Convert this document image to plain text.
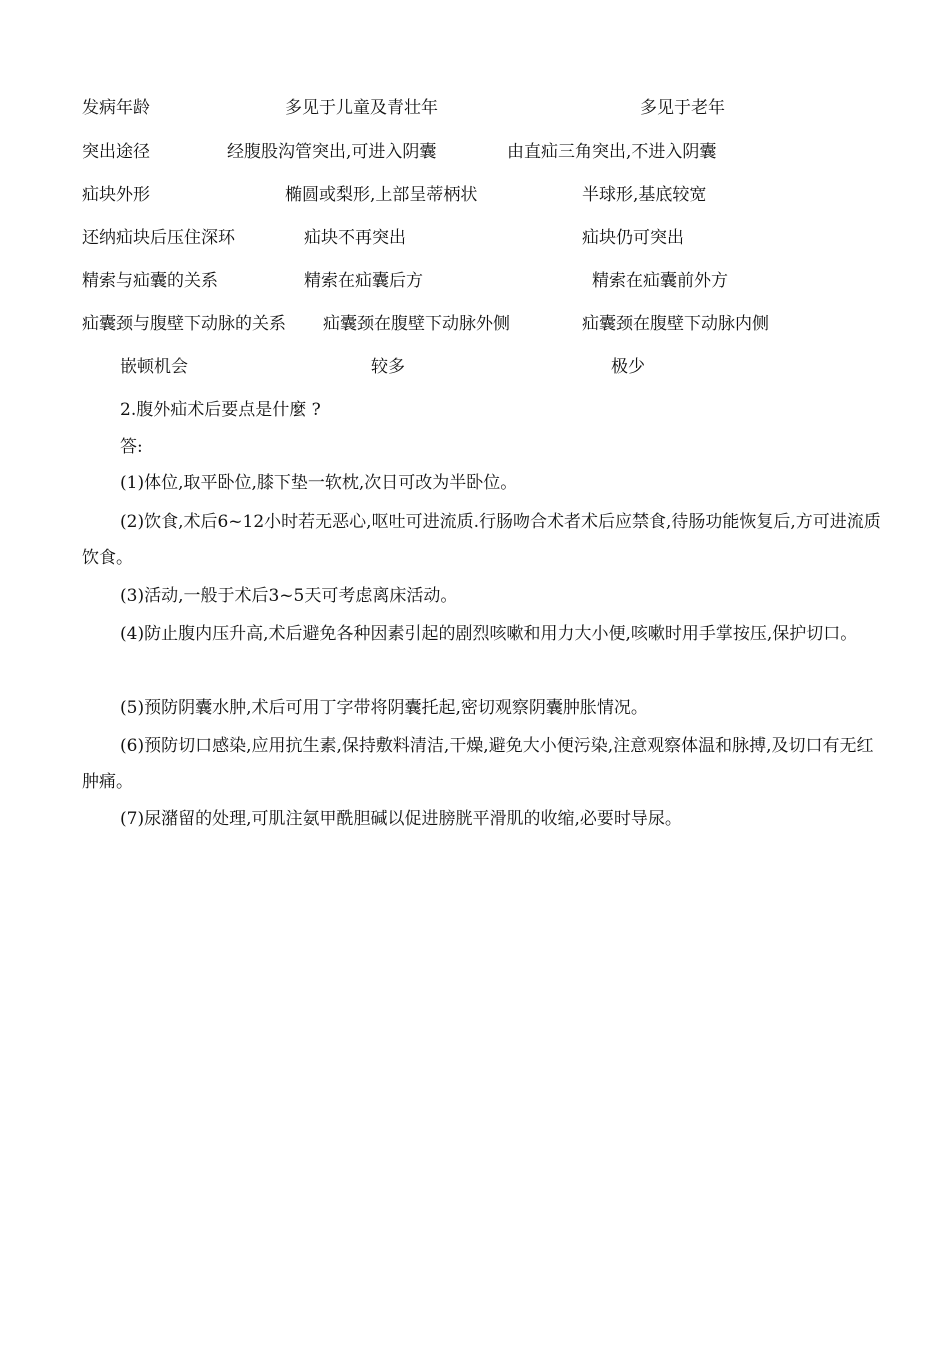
发病年龄	多见于儿童及青壮年	多见于老年
突出途径	经腹股沟管突出,可进入阴囊	由直疝三角突出,不进入阴囊
疝块外形	椭圆或梨形,上部呈蒂柄状	半球形,基底较宽
还纳疝块后压住深环	疝块不再突出	疝块仍可突出
精索与疝囊的关系	精索在疝囊后方	精索在疝囊前外方
疝囊颈与腹壁下动脉的关系 疝囊颈在腹壁下动脉外侧	疝囊颈在腹壁下动脉内侧
嵌顿机会	较多	极少
2.腹外疝术后要点是什麼 ?
答:
(1)体位,取平卧位,膝下垫一软枕,次日可改为半卧位。
(2)饮食,术后6~12小时若无恶心,呕吐可进流质.行肠吻合术者术后应禁食,待肠功能恢复后,方可进流质饮食。
(3)活动,一般于术后3~5天可考虑离床活动。
(4)防止腹内压升高,术后避免各种因素引起的剧烈咳嗽和用力大小便,咳嗽时用手掌按压,保护切口。
(5)预防阴囊水肿,术后可用丁字带将阴囊托起,密切观察阴囊肿胀情况。
(6)预防切口感染,应用抗生素,保持敷料清洁,干燥,避免大小便污染,注意观察体温和脉搏,及切口有无红肿痛。
(7)尿潴留的处理,可肌注氨甲酰胆碱以促进膀胱平滑肌的收缩,必要时导尿。
